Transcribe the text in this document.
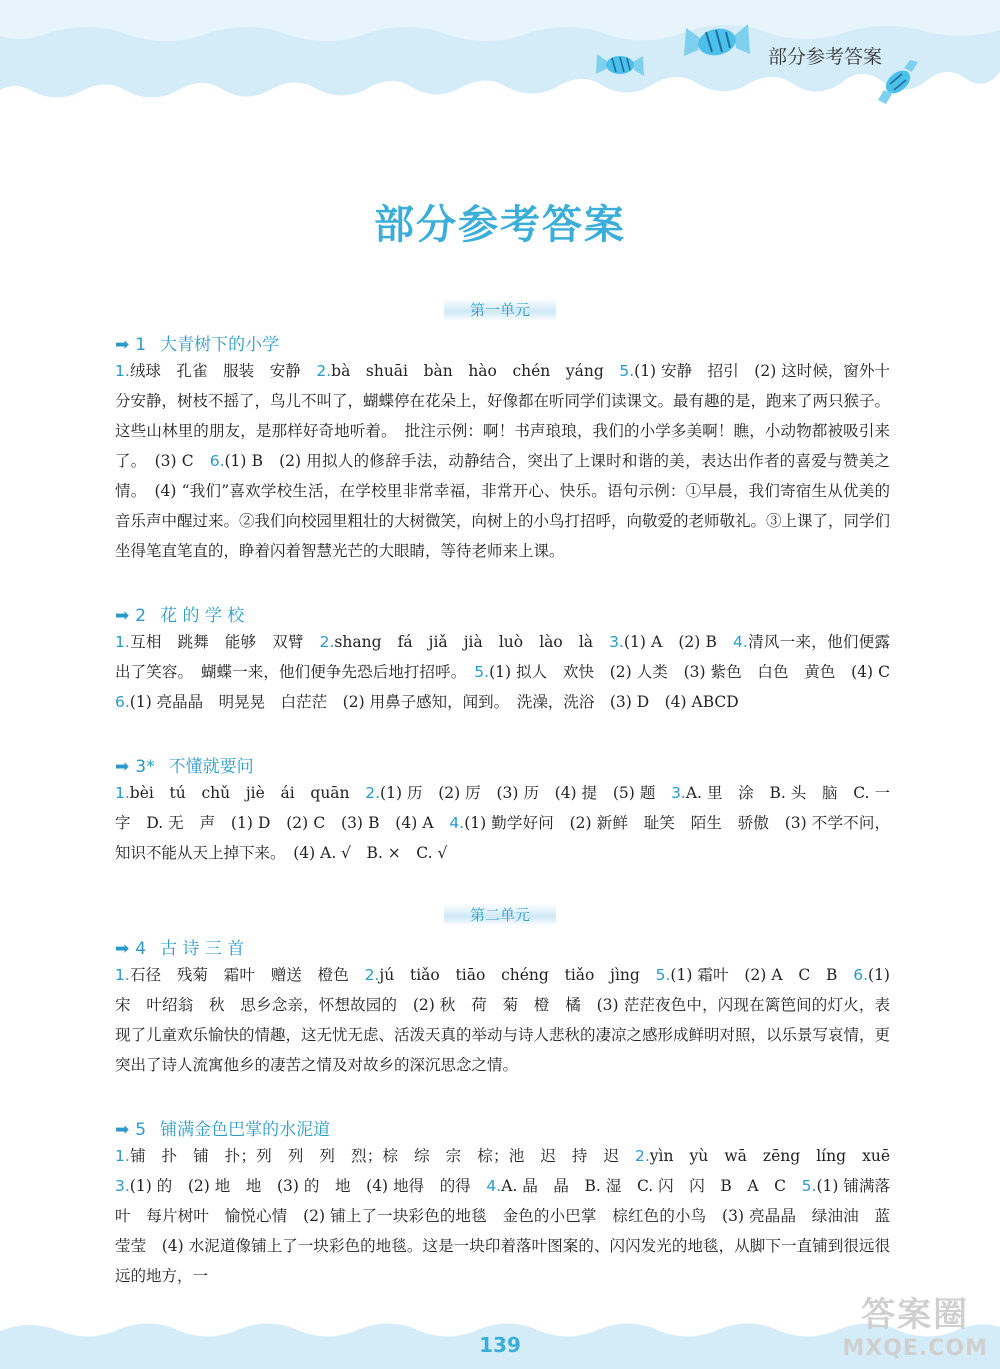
部分参考答案
部分参考答案
第一单元
➡ 1 大青树下的小学
1.绒球　孔雀　服装　安静　2.bà　shuāi　bàn　hào　chén　yáng　5.(1) 安静　招引　(2) 这时候，窗外十分安静，树枝不摇了，鸟儿不叫了，蝴蝶停在花朵上，好像都在听同学们读课文。最有趣的是，跑来了两只猴子。这些山林里的朋友，是那样好奇地听着。　批注示例：啊！书声琅琅，我们的小学多美啊！瞧，小动物都被吸引来了。　(3) C　6.(1) B　(2) 用拟人的修辞手法，动静结合，突出了上课时和谐的美，表达出作者的喜爱与赞美之情。　(4) “我们”喜欢学校生活，在学校里非常幸福，非常开心、快乐。语句示例：①早晨，我们寄宿生从优美的音乐声中醒过来。②我们向校园里粗壮的大树微笑，向树上的小鸟打招呼，向敬爱的老师敬礼。③上课了，同学们坐得笔直笔直的，睁着闪着智慧光芒的大眼睛，等待老师来上课。
➡ 2 花 的 学 校
1.互相　跳舞　能够　双臂　2.shang　fá　jiǎ　jià　luò　lào　là　3.(1) A　(2) B　4.清风一来，他们便露出了笑容。　蝴蝶一来，他们便争先恐后地打招呼。　5.(1) 拟人　欢快　(2) 人类　(3) 紫色　白色　黄色　(4) C　6.(1) 亮晶晶　明晃晃　白茫茫　(2) 用鼻子感知，闻到。　洗澡，洗浴　(3) D　(4) ABCD
➡ 3* 不懂就要问
1.bèi　tú　chǔ　jiè　ái　quān　2.(1) 历　(2) 厉　(3) 历　(4) 提　(5) 题　3.A. 里　涂　B. 头　脑　C. 一　字　D. 无　声　(1) D　(2) C　(3) B　(4) A　4.(1) 勤学好问　(2) 新鲜　耻笑　陌生　骄傲　(3) 不学不问，知识不能从天上掉下来。　(4) A. √　B. ×　C. √
第二单元
➡ 4 古 诗 三 首
1.石径　残菊　霜叶　赠送　橙色　2.jú　tiǎo　tiāo　chéng　tiǎo　jìng　5.(1) 霜叶　(2) A　C　B　6.(1) 宋　叶绍翁　秋　思乡念亲，怀想故园的　(2) 秋　荷　菊　橙　橘　(3) 茫茫夜色中，闪现在篱笆间的灯火，表现了儿童欢乐愉快的情趣，这无忧无虑、活泼天真的举动与诗人悲秋的凄凉之感形成鲜明对照，以乐景写哀情，更突出了诗人流寓他乡的凄苦之情及对故乡的深沉思念之情。
➡ 5 铺满金色巴掌的水泥道
1.铺　扑　铺　扑；列　列　列　烈；棕　综　宗　棕；池　迟　持　迟　2.yìn　yù　wā　zēng　líng　xuē　3.(1) 的　(2) 地　地　(3) 的　地　(4) 地得　的得　4.A. 晶　晶　B. 湿　C. 闪　闪　B　A　C　5.(1) 铺满落叶　每片树叶　愉悦心情　(2) 铺上了一块彩色的地毯　金色的小巴掌　棕红色的小鸟　(3) 亮晶晶　绿油油　蓝莹莹　(4) 水泥道像铺上了一块彩色的地毯。这是一块印着落叶图案的、闪闪发光的地毯，从脚下一直铺到很远很远的地方，一
139
答案圈
MXQE.COM
